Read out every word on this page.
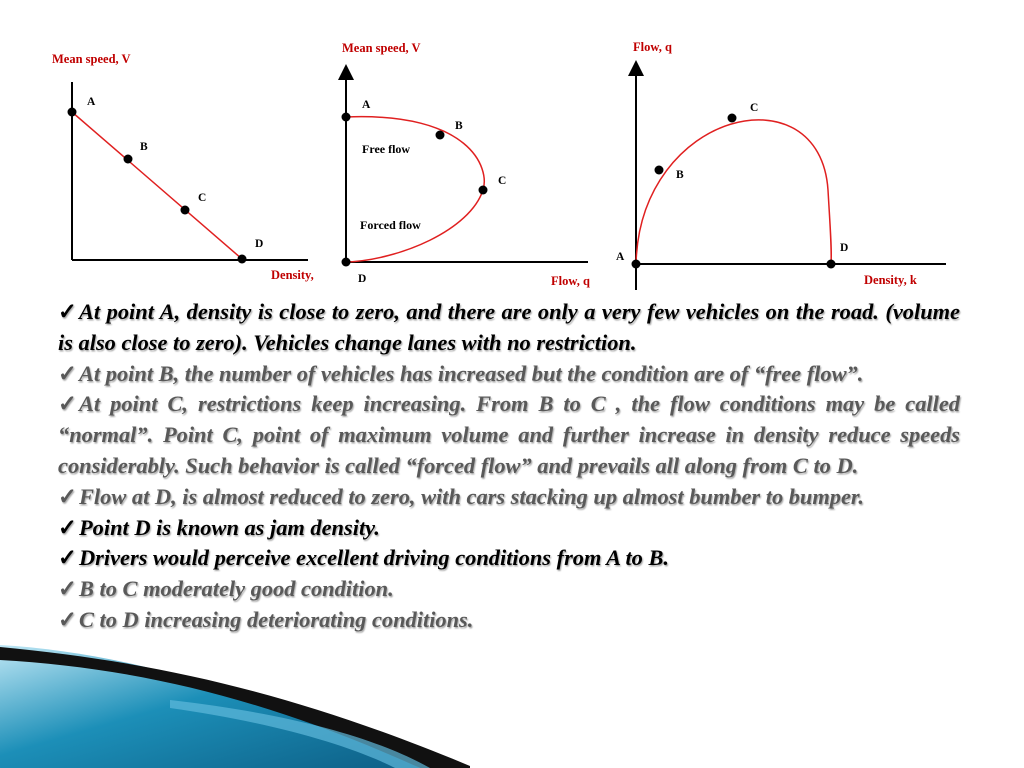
Mean speed, V
Density,
A
B
C
D
Mean speed, V
Flow, q
A
B
C
D
Free flow
Forced flow
Flow, q
Density, k
A
B
C
D

✓At point A, density is close to zero, and there are only a very few vehicles on the road. (volume is also close to zero). Vehicles change lanes with no restriction.

✓At point B, the number of vehicles has increased but the condition are of “free flow”.

✓At point C, restrictions keep increasing. From B to C , the flow conditions may be called “normal”. Point C, point of maximum volume and further increase in density reduce speeds considerably. Such behavior is called “forced flow” and prevails all along from C to D.

✓Flow at D, is almost reduced to zero, with cars stacking up almost bumber to bumper.

✓Point D is known as jam density.

✓Drivers would perceive excellent driving conditions from A to B.

✓B to C moderately good condition.

✓C to D increasing deteriorating conditions.
